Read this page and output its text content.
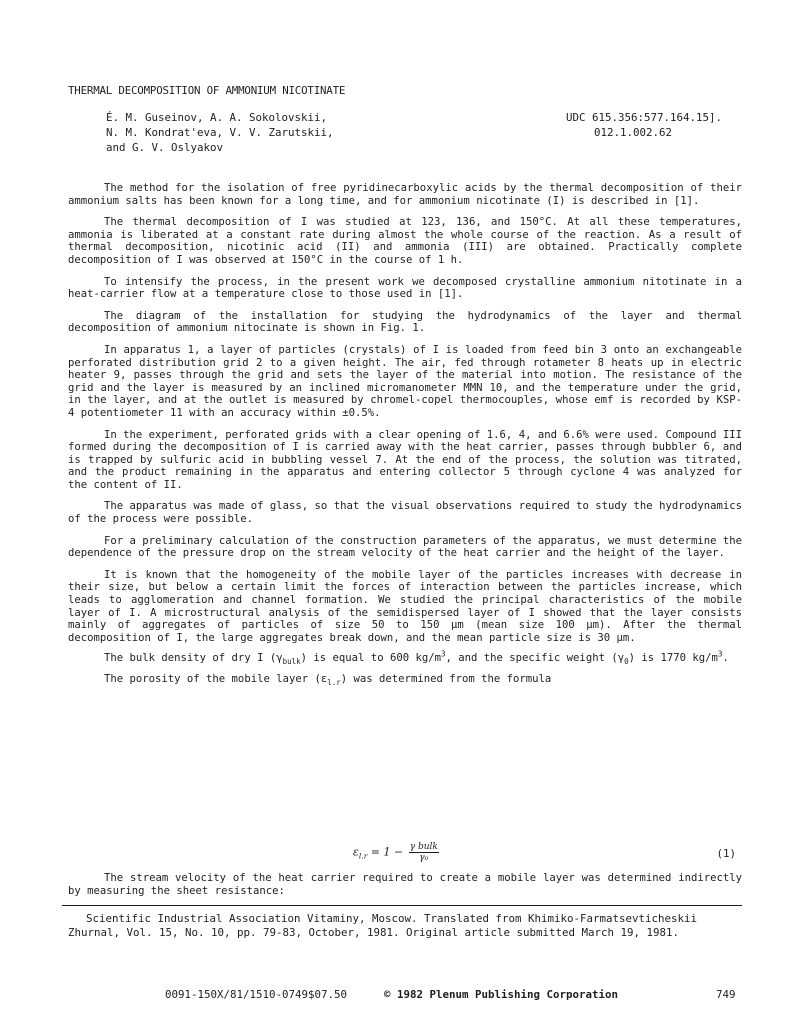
THERMAL DECOMPOSITION OF AMMONIUM NICOTINATE
É. M. Guseinov, A. A. Sokolovskii,
N. M. Kondrat'eva, V. V. Zarutskii,
and G. V. Oslyakov
UDC 615.356:577.164.15].
012.1.002.62

The method for the isolation of free pyridinecarboxylic acids by the thermal decomposition of their ammonium salts has been known for a long time, and for ammonium nicotinate (I) is described in [1].

The thermal decomposition of I was studied at 123, 136, and 150°C. At all these temperatures, ammonia is liberated at a constant rate during almost the whole course of the reaction. As a result of thermal decomposition, nicotinic acid (II) and ammonia (III) are obtained. Practically complete decomposition of I was observed at 150°C in the course of 1 h.

To intensify the process, in the present work we decomposed crystalline ammonium nitotinate in a heat-carrier flow at a temperature close to those used in [1].

The diagram of the installation for studying the hydrodynamics of the layer and thermal decomposition of ammonium nitocinate is shown in Fig. 1.

In apparatus 1, a layer of particles (crystals) of I is loaded from feed bin 3 onto an exchangeable perforated distribution grid 2 to a given height. The air, fed through rotameter 8 heats up in electric heater 9, passes through the grid and sets the layer of the material into motion. The resistance of the grid and the layer is measured by an inclined micromanometer MMN 10, and the temperature under the grid, in the layer, and at the outlet is measured by chromel-copel thermocouples, whose emf is recorded by KSP-4 potentiometer 11 with an accuracy within ±0.5%.

In the experiment, perforated grids with a clear opening of 1.6, 4, and 6.6% were used. Compound III formed during the decomposition of I is carried away with the heat carrier, passes through bubbler 6, and is trapped by sulfuric acid in bubbling vessel 7. At the end of the process, the solution was titrated, and the product remaining in the apparatus and entering collector 5 through cyclone 4 was analyzed for the content of II.

The apparatus was made of glass, so that the visual observations required to study the hydrodynamics of the process were possible.

For a preliminary calculation of the construction parameters of the apparatus, we must determine the dependence of the pressure drop on the stream velocity of the heat carrier and the height of the layer.

It is known that the homogeneity of the mobile layer of the particles increases with decrease in their size, but below a certain limit the forces of interaction between the particles increase, which leads to agglomeration and channel formation. We studied the principal characteristics of the mobile layer of I. A microstructural analysis of the semidispersed layer of I showed that the layer consists mainly of aggregates of particles of size 50 to 150 μm (mean size 100 μm). After the thermal decomposition of I, the large aggregates break down, and the mean particle size is 30 μm.

The bulk density of dry I $(\gamma_{bulk})$ is equal to 600 $kg/m^3$, and the specific weight $(\gamma_0)$ is 1770 $kg/m^3$.

The porosity of the mobile layer $(\varepsilon_{l.r})$ was determined from the formula

$\varepsilon_{l.r} = 1 - \frac{\text{γ bulk}}{\text{γ₀}}$	(1)

The stream velocity of the heat carrier required to create a mobile layer was determined indirectly by measuring the sheet resistance:

Scientific Industrial Association Vitaminy, Moscow. Translated from Khimiko-Farmatsevticheskii Zhurnal, Vol. 15, No. 10, pp. 79-83, October, 1981. Original article submitted March 19, 1981.

0091-150X/81/1510-0749$07.50	© 1982 Plenum Publishing Corporation	749
